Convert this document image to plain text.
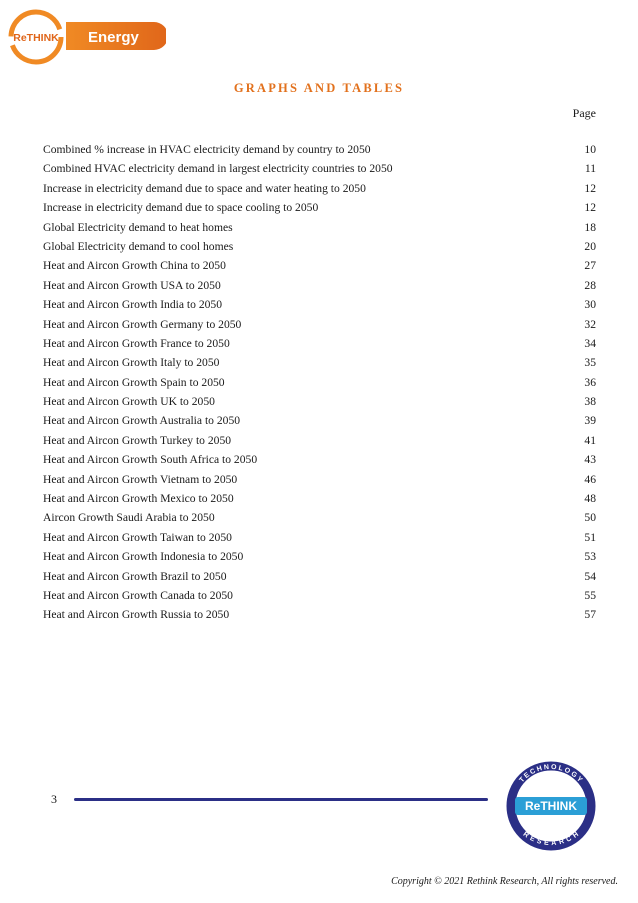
ReTHINK Energy
GRAPHS AND TABLES
Page
Combined % increase in HVAC electricity demand by country to 2050	10
Combined HVAC electricity demand in largest electricity countries to 2050	11
Increase in electricity demand due to space and water heating to 2050	12
Increase in electricity demand due to space cooling to 2050	12
Global Electricity demand to heat homes	18
Global Electricity demand to cool homes	20
Heat and Aircon Growth China to 2050	27
Heat and Aircon Growth USA to 2050	28
Heat and Aircon Growth India to 2050	30
Heat and Aircon Growth Germany to 2050	32
Heat and Aircon Growth France to 2050	34
Heat and Aircon Growth Italy to 2050	35
Heat and Aircon Growth Spain to 2050	36
Heat and Aircon Growth UK to 2050	38
Heat and Aircon Growth Australia to 2050	39
Heat and Aircon Growth Turkey to 2050	41
Heat and Aircon Growth South Africa to 2050	43
Heat and Aircon Growth Vietnam to 2050	46
Heat and Aircon Growth Mexico to 2050	48
Aircon Growth Saudi Arabia to 2050	50
Heat and Aircon Growth Taiwan to 2050	51
Heat and Aircon Growth Indonesia to 2050	53
Heat and Aircon Growth Brazil to 2050	54
Heat and Aircon Growth Canada to 2050	55
Heat and Aircon Growth Russia to 2050	57
3
TECHNOLOGY
ReTHINK
RESEARCH
Copyright © 2021 Rethink Research, All rights reserved.
